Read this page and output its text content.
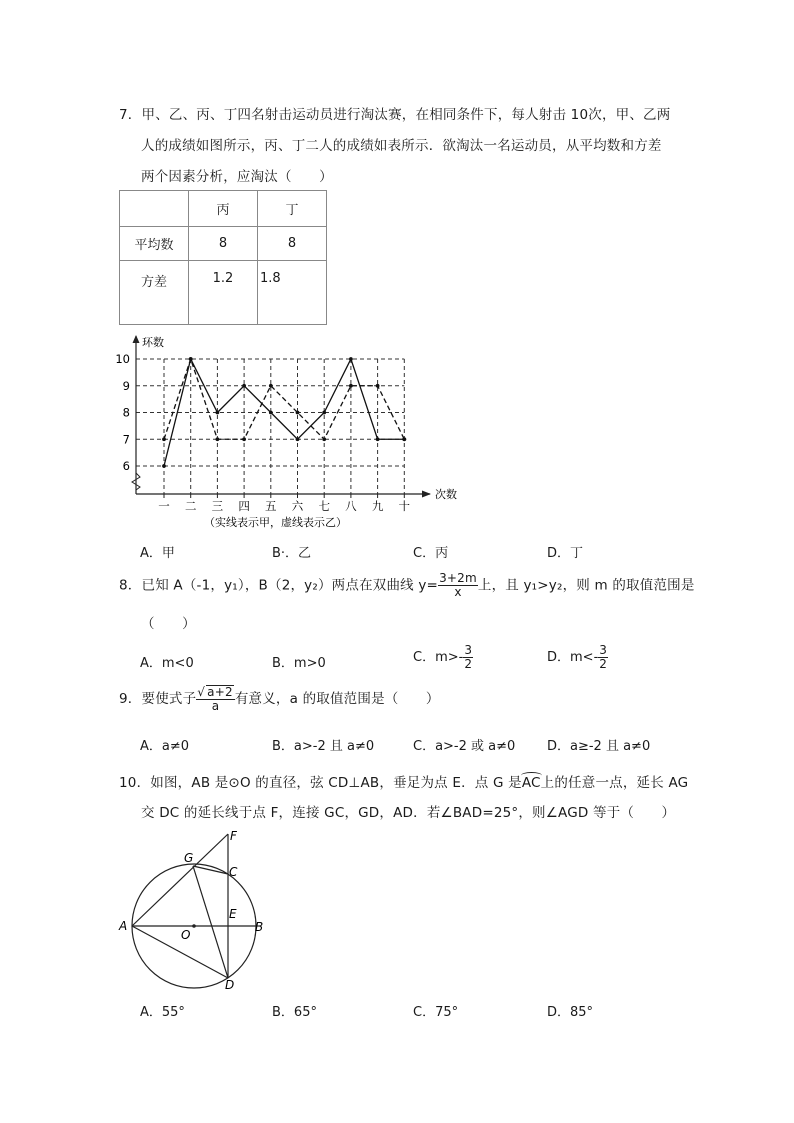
7．甲、乙、丙、丁四名射击运动员进行淘汰赛，在相同条件下，每人射击 10次，甲、乙两
人的成绩如图所示，丙、丁二人的成绩如表所示．欲淘汰一名运动员，从平均数和方差
两个因素分析，应淘汰（　　）
	丙	丁
平均数	8	8
方差	1.2	1.8
环数
6
7
8
9
10
一 二 三 四 五 六 七 八 九 十
次数
（实线表示甲，虚线表示乙）
A．甲	B·．乙	C．丙	D．丁
8．已知 A（-1，y₁），B（2，y₂）两点在双曲线 $y= \frac{3+2m}{x}$ 上，且 y₁>y₂，则 m 的取值范围是
（　　）
A．m<0	B．m>0	C．$m>- \frac{3}{2}$	D．$m<- \frac{3}{2}$
9．要使式子 $\frac{√ a+2}{a}$ 有意义，a 的取值范围是（　　）
A．a≠0	B．a>-2 且 a≠0	C．a>-2 或 a≠0 D．a≥-2 且 a≠0
10．如图，AB 是⊙O 的直径，弦 CD⊥AB，垂足为点 E．点 G 是AC上的任意一点，延长 AG
交 DC 的延长线于点 F，连接 GC，GD，AD．若∠BAD=25°，则∠AGD 等于（　　）
A	B
C
D
E
F
G
O
A．55°	B．65°	C．75°	D．85°
